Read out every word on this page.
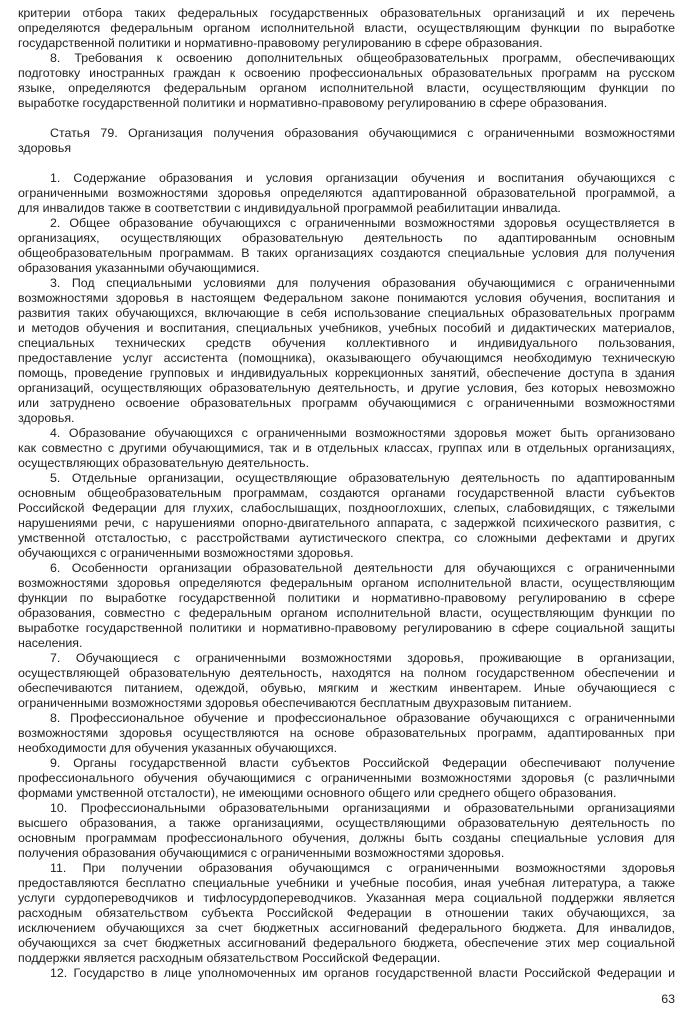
критерии отбора таких федеральных государственных образовательных организаций и их перечень
определяются федеральным органом исполнительной власти, осуществляющим функции по выработке
государственной политики и нормативно-правовому регулированию в сфере образования.
8. Требования к освоению дополнительных общеобразовательных программ, обеспечивающих
подготовку иностранных граждан к освоению профессиональных образовательных программ на русском
языке, определяются федеральным органом исполнительной власти, осуществляющим функции по
выработке государственной политики и нормативно-правовому регулированию в сфере образования.
Статья 79. Организация получения образования обучающимися с ограниченными возможностями
здоровья
1. Содержание образования и условия организации обучения и воспитания обучающихся с
ограниченными возможностями здоровья определяются адаптированной образовательной программой, а
для инвалидов также в соответствии с индивидуальной программой реабилитации инвалида.
2. Общее образование обучающихся с ограниченными возможностями здоровья осуществляется в
организациях, осуществляющих образовательную деятельность по адаптированным основным
общеобразовательным программам. В таких организациях создаются специальные условия для получения
образования указанными обучающимися.
3. Под специальными условиями для получения образования обучающимися с ограниченными
возможностями здоровья в настоящем Федеральном законе понимаются условия обучения, воспитания и
развития таких обучающихся, включающие в себя использование специальных образовательных программ
и методов обучения и воспитания, специальных учебников, учебных пособий и дидактических материалов,
специальных технических средств обучения коллективного и индивидуального пользования,
предоставление услуг ассистента (помощника), оказывающего обучающимся необходимую техническую
помощь, проведение групповых и индивидуальных коррекционных занятий, обеспечение доступа в здания
организаций, осуществляющих образовательную деятельность, и другие условия, без которых невозможно
или затруднено освоение образовательных программ обучающимися с ограниченными возможностями
здоровья.
4. Образование обучающихся с ограниченными возможностями здоровья может быть организовано
как совместно с другими обучающимися, так и в отдельных классах, группах или в отдельных организациях,
осуществляющих образовательную деятельность.
5. Отдельные организации, осуществляющие образовательную деятельность по адаптированным
основным общеобразовательным программам, создаются органами государственной власти субъектов
Российской Федерации для глухих, слабослышащих, позднооглохших, слепых, слабовидящих, с тяжелыми
нарушениями речи, с нарушениями опорно-двигательного аппарата, с задержкой психического развития, с
умственной отсталостью, с расстройствами аутистического спектра, со сложными дефектами и других
обучающихся с ограниченными возможностями здоровья.
6. Особенности организации образовательной деятельности для обучающихся с ограниченными
возможностями здоровья определяются федеральным органом исполнительной власти, осуществляющим
функции по выработке государственной политики и нормативно-правовому регулированию в сфере
образования, совместно с федеральным органом исполнительной власти, осуществляющим функции по
выработке государственной политики и нормативно-правовому регулированию в сфере социальной защиты
населения.
7. Обучающиеся с ограниченными возможностями здоровья, проживающие в организации,
осуществляющей образовательную деятельность, находятся на полном государственном обеспечении и
обеспечиваются питанием, одеждой, обувью, мягким и жестким инвентарем. Иные обучающиеся с
ограниченными возможностями здоровья обеспечиваются бесплатным двухразовым питанием.
8. Профессиональное обучение и профессиональное образование обучающихся с ограниченными
возможностями здоровья осуществляются на основе образовательных программ, адаптированных при
необходимости для обучения указанных обучающихся.
9. Органы государственной власти субъектов Российской Федерации обеспечивают получение
профессионального обучения обучающимися с ограниченными возможностями здоровья (с различными
формами умственной отсталости), не имеющими основного общего или среднего общего образования.
10. Профессиональными образовательными организациями и образовательными организациями
высшего образования, а также организациями, осуществляющими образовательную деятельность по
основным программам профессионального обучения, должны быть созданы специальные условия для
получения образования обучающимися с ограниченными возможностями здоровья.
11. При получении образования обучающимся с ограниченными возможностями здоровья
предоставляются бесплатно специальные учебники и учебные пособия, иная учебная литература, а также
услуги сурдопереводчиков и тифлосурдопереводчиков. Указанная мера социальной поддержки является
расходным обязательством субъекта Российской Федерации в отношении таких обучающихся, за
исключением обучающихся за счет бюджетных ассигнований федерального бюджета. Для инвалидов,
обучающихся за счет бюджетных ассигнований федерального бюджета, обеспечение этих мер социальной
поддержки является расходным обязательством Российской Федерации.
12. Государство в лице уполномоченных им органов государственной власти Российской Федерации и
63
